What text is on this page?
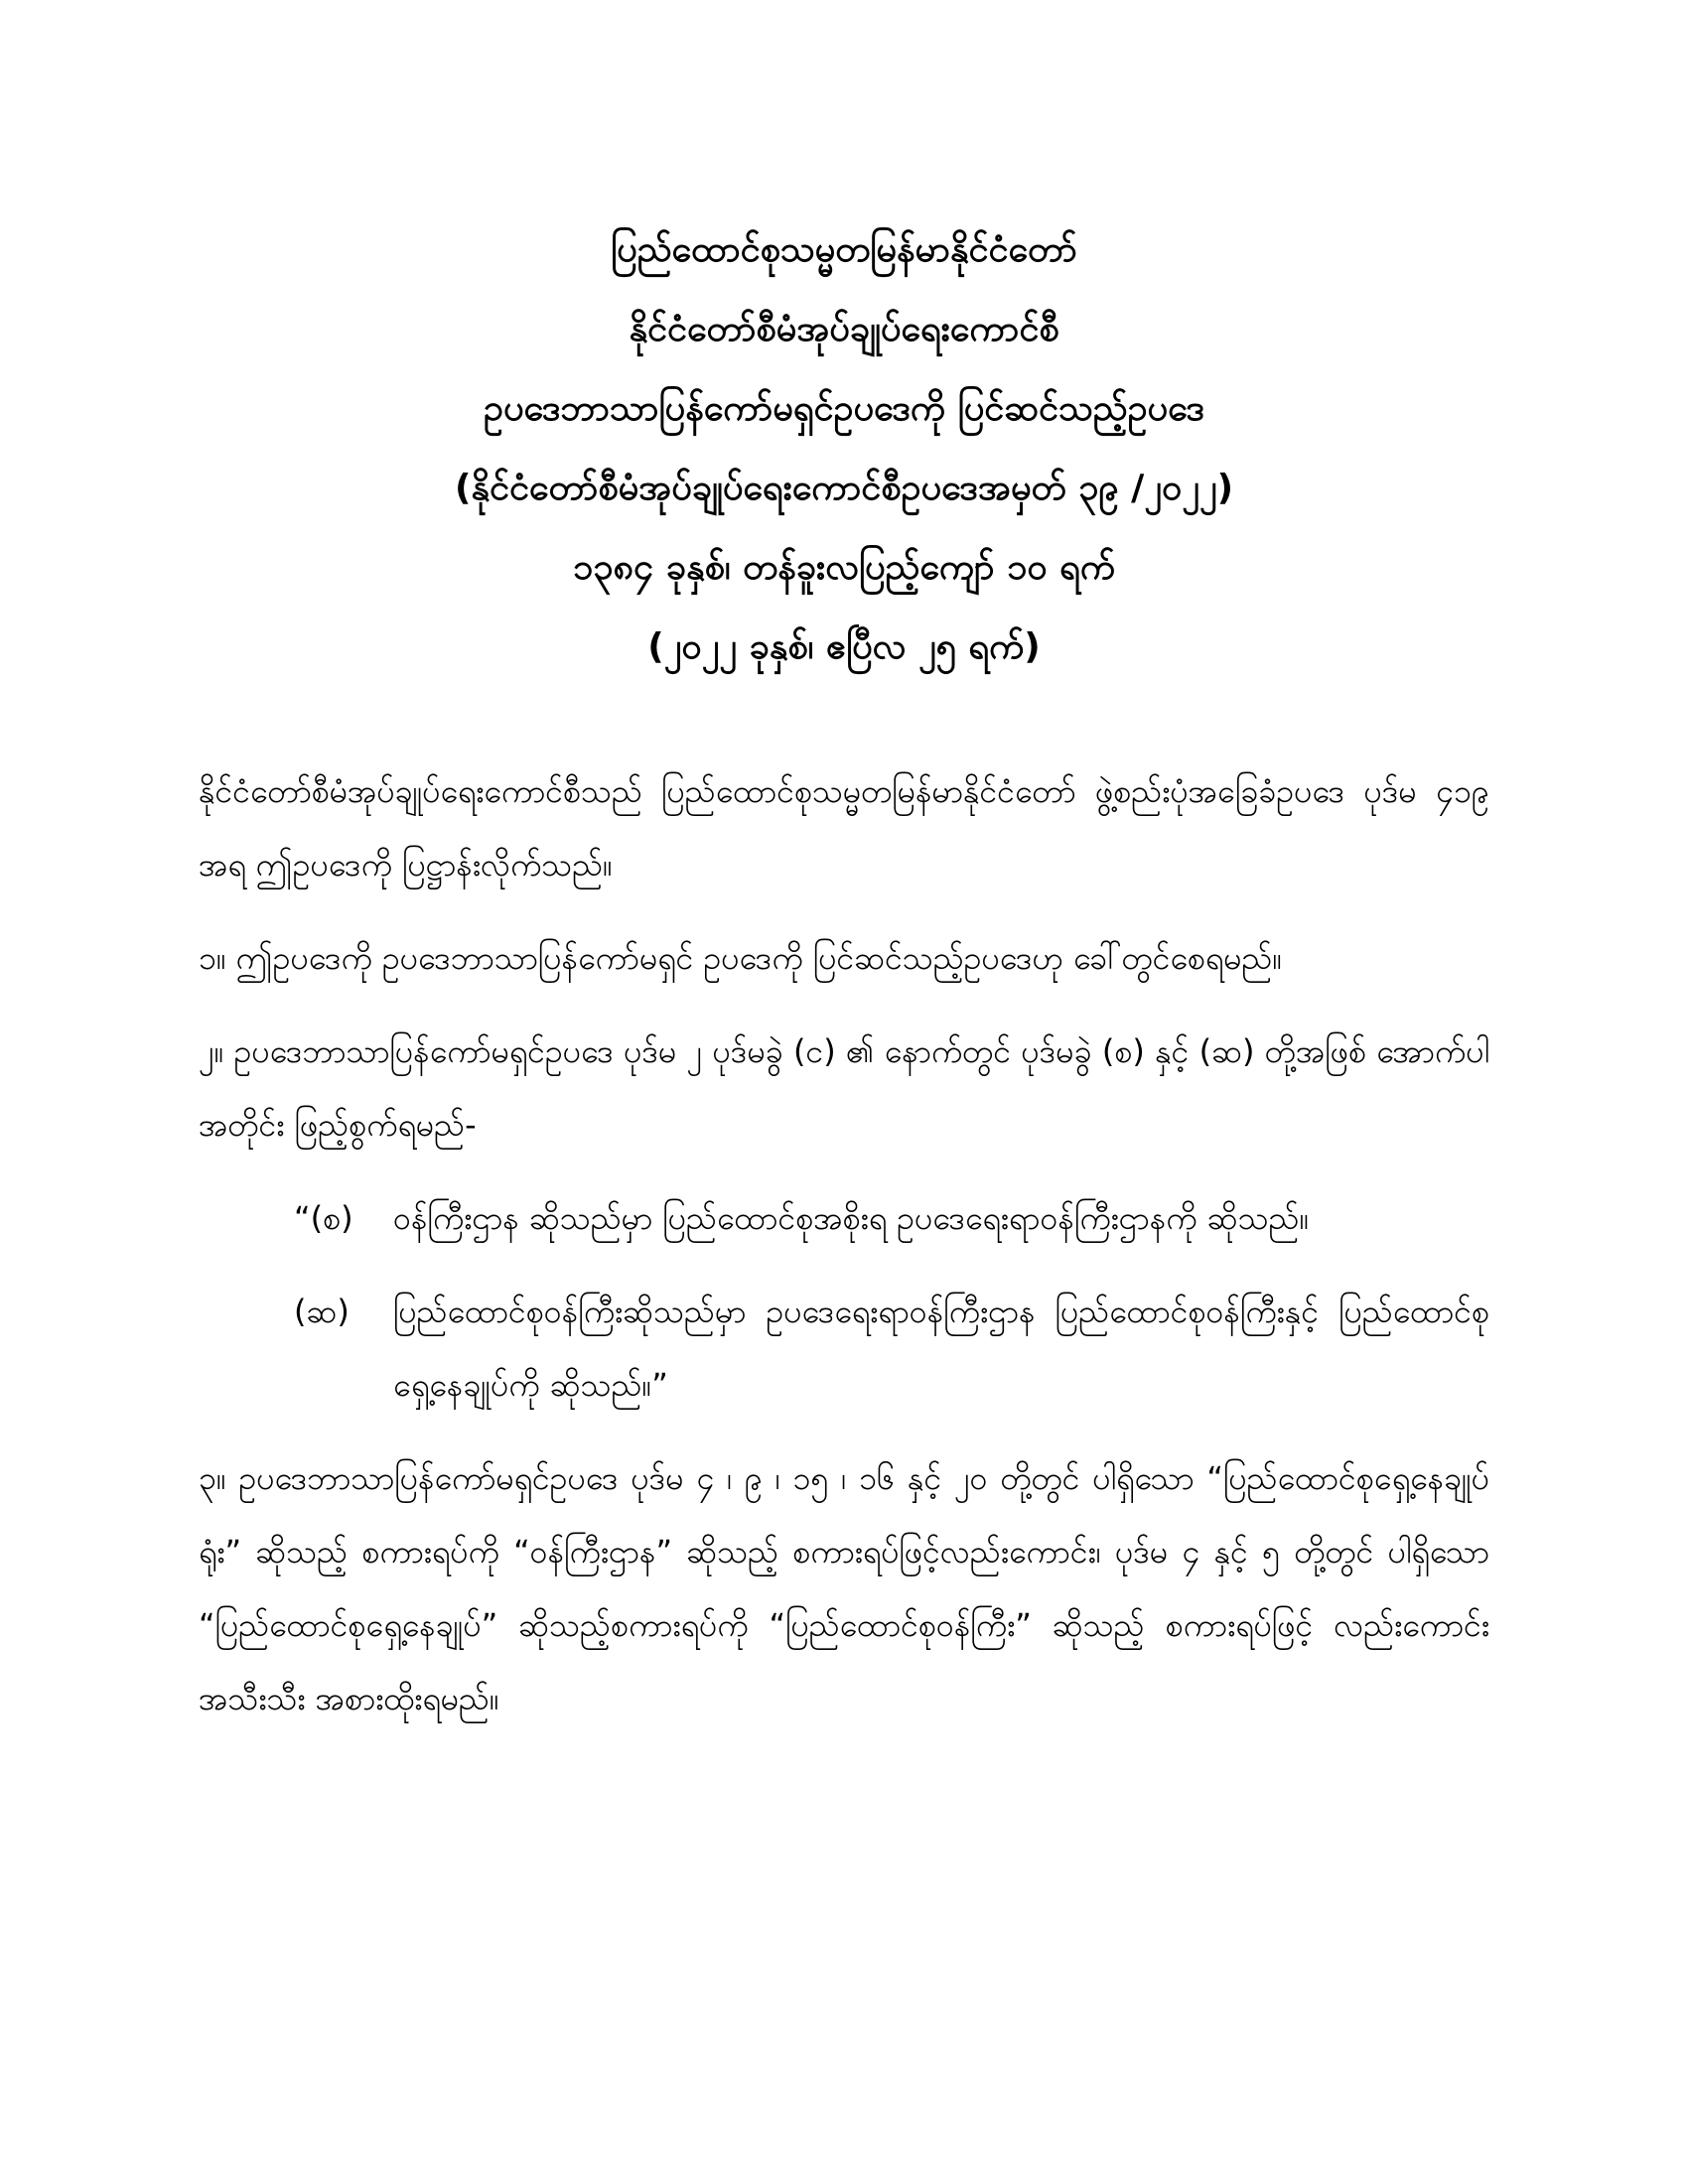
ပြည်ထောင်စုသမ္မတမြန်မာနိုင်ငံတော်
နိုင်ငံတော်စီမံအုပ်ချုပ်ရေးကောင်စီ
ဥပဒေဘာသာပြန်ကော်မရှင်ဥပဒေကို ပြင်ဆင်သည့်ဥပဒေ
(နိုင်ငံတော်စီမံအုပ်ချုပ်ရေးကောင်စီဥပဒေအမှတ် ၃၉ /၂၀၂၂)
၁၃၈၄ ခုနှစ်၊ တန်ခူးလပြည့်ကျော် ၁၀ ရက်
(၂၀၂၂ ခုနှစ်၊ ဧပြီလ ၂၅ ရက်)

နိုင်ငံတော်စီမံအုပ်ချုပ်ရေးကောင်စီသည် ပြည်ထောင်စုသမ္မတမြန်မာနိုင်ငံတော် ဖွဲ့စည်းပုံအခြေခံဥပဒေ ပုဒ်မ ၄၁၉ အရ ဤဥပဒေကို ပြဋ္ဌာန်းလိုက်သည်။

၁။ ဤဥပဒေကို ဥပဒေဘာသာပြန်ကော်မရှင် ဥပဒေကို ပြင်ဆင်သည့်ဥပဒေဟု ခေါ်တွင်စေရမည်။

၂။ ဥပဒေဘာသာပြန်ကော်မရှင်ဥပဒေ ပုဒ်မ ၂ ပုဒ်မခွဲ (င) ၏ နောက်တွင် ပုဒ်မခွဲ (စ) နှင့် (ဆ) တို့အဖြစ် အောက်ပါအတိုင်း ဖြည့်စွက်ရမည်-

“(စ)	ဝန်ကြီးဌာန ဆိုသည်မှာ ပြည်ထောင်စုအစိုးရ ဥပဒေရေးရာဝန်ကြီးဌာနကို ဆိုသည်။
(ဆ)	ပြည်ထောင်စုဝန်ကြီးဆိုသည်မှာ ဥပဒေရေးရာဝန်ကြီးဌာန ပြည်ထောင်စုဝန်ကြီးနှင့် ပြည်ထောင်စုရှေ့နေချုပ်ကို ဆိုသည်။”

၃။ ဥပဒေဘာသာပြန်ကော်မရှင်ဥပဒေ ပုဒ်မ ၄ ၊ ၉ ၊ ၁၅ ၊ ၁၆ နှင့် ၂၀ တို့တွင် ပါရှိသော “ပြည်ထောင်စုရှေ့နေချုပ်ရုံး” ဆိုသည့် စကားရပ်ကို “ဝန်ကြီးဌာန” ဆိုသည့် စကားရပ်ဖြင့်လည်းကောင်း၊ ပုဒ်မ ၄ နှင့် ၅ တို့တွင် ပါရှိသော “ပြည်ထောင်စုရှေ့နေချုပ်” ဆိုသည့်စကားရပ်ကို “ပြည်ထောင်စုဝန်ကြီး” ဆိုသည့် စကားရပ်ဖြင့် လည်းကောင်း အသီးသီး အစားထိုးရမည်။
